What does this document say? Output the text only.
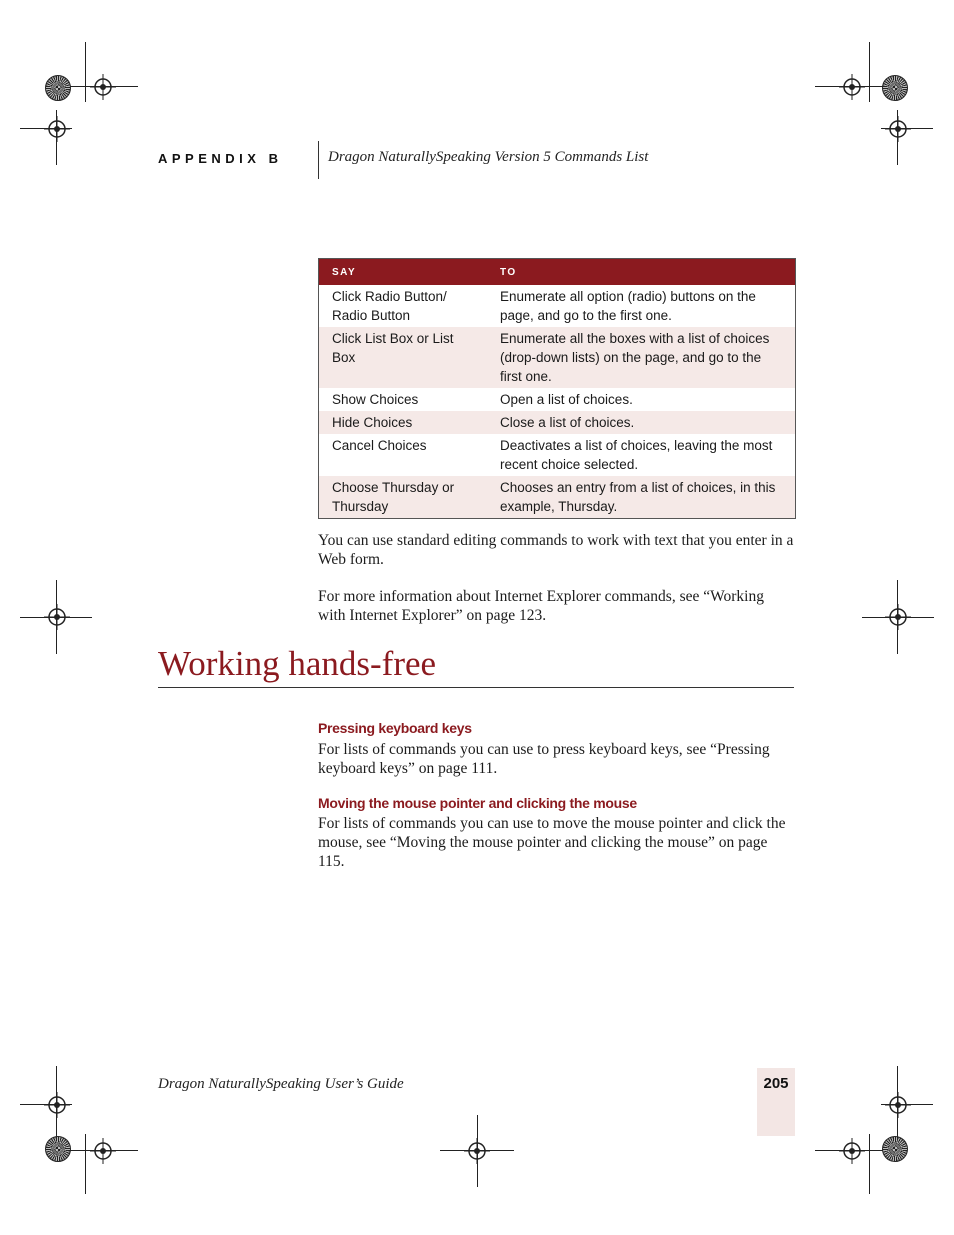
APPENDIX B	Dragon NaturallySpeaking Version 5 Commands List
SAY	TO
Click Radio Button/ Radio Button	Enumerate all option (radio) buttons on the page, and go to the first one.
Click List Box or List Box	Enumerate all the boxes with a list of choices (drop-down lists) on the page, and go to the first one.
Show Choices	Open a list of choices.
Hide Choices	Close a list of choices.
Cancel Choices	Deactivates a list of choices, leaving the most recent choice selected.
Choose Thursday or Thursday	Chooses an entry from a list of choices, in this example, Thursday.
You can use standard editing commands to work with text that you enter in a Web form.
For more information about Internet Explorer commands, see “Working with Internet Explorer” on page 123.
Working hands-free
Pressing keyboard keys
For lists of commands you can use to press keyboard keys, see “Pressing keyboard keys” on page 111.
Moving the mouse pointer and clicking the mouse
For lists of commands you can use to move the mouse pointer and click the mouse, see “Moving the mouse pointer and clicking the mouse” on page 115.
Dragon NaturallySpeaking User’s Guide	205
